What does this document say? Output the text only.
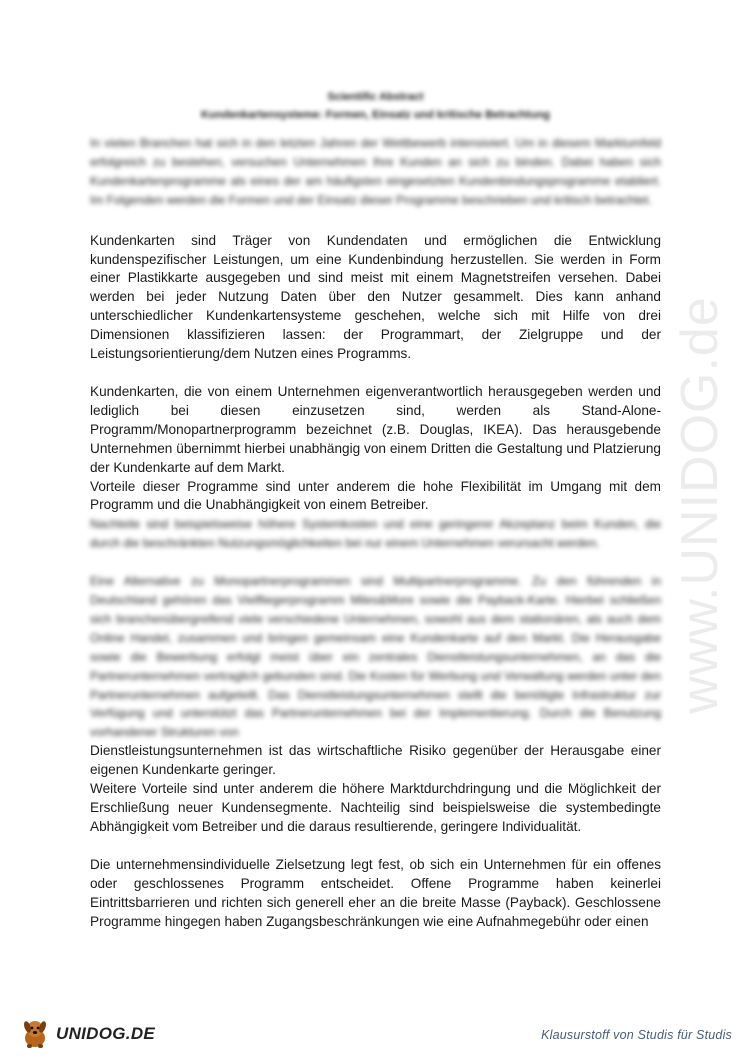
www.UNIDOG.de
Scientific Abstract
Kundenkartensysteme: Formen, Einsatz und kritische Betrachtung

In vielen Branchen hat sich in den letzten Jahren der Wettbewerb intensiviert. Um in diesem Marktumfeld erfolgreich zu bestehen, versuchen Unternehmen Ihre Kunden an sich zu binden. Dabei haben sich Kundenkartenprogramme als eines der am häufigsten eingesetzten Kundenbindungsprogramme etabliert. Im Folgenden werden die Formen und der Einsatz dieser Programme beschrieben und kritisch betrachtet.

Kundenkarten sind Träger von Kundendaten und ermöglichen die Entwicklung kundenspezifischer Leistungen, um eine Kundenbindung herzustellen. Sie werden in Form einer Plastikkarte ausgegeben und sind meist mit einem Magnetstreifen versehen. Dabei werden bei jeder Nutzung Daten über den Nutzer gesammelt. Dies kann anhand unterschiedlicher Kundenkartensysteme geschehen, welche sich mit Hilfe von drei Dimensionen klassifizieren lassen: der Programmart, der Zielgruppe und der Leistungsorientierung/dem Nutzen eines Programms.

Kundenkarten, die von einem Unternehmen eigenverantwortlich herausgegeben werden und lediglich bei diesen einzusetzen sind, werden als Stand-Alone-Programm/Monopartnerprogramm bezeichnet (z.B. Douglas, IKEA). Das herausgebende Unternehmen übernimmt hierbei unabhängig von einem Dritten die Gestaltung und Platzierung der Kundenkarte auf dem Markt.

Vorteile dieser Programme sind unter anderem die hohe Flexibilität im Umgang mit dem Programm und die Unabhängigkeit von einem Betreiber.

Nachteile sind beispielsweise höhere Systemkosten und eine geringerer Akzeptanz beim Kunden, die durch die beschränkten Nutzungsmöglichkeiten bei nur einem Unternehmen verursacht werden.

Eine Alternative zu Monopartnerprogrammen sind Multipartnerprogramme. Zu den führenden in Deutschland gehören das Vielfliegerprogramm Miles&More sowie die Payback-Karte. Hierbei schließen sich branchenübergreifend viele verschiedene Unternehmen, sowohl aus dem stationären, als auch dem Online Handel, zusammen und bringen gemeinsam eine Kundenkarte auf den Markt. Die Herausgabe sowie die Bewerbung erfolgt meist über ein zentrales Dienstleistungsunternehmen, an das die Partnerunternehmen vertraglich gebunden sind. Die Kosten für Werbung und Verwaltung werden unter den Partnerunternehmen aufgeteilt. Das Dienstleistungsunternehmen stellt die benötigte Infrastruktur zur Verfügung und unterstützt das Partnerunternehmen bei der Implementierung. Durch die Benutzung vorhandener Strukturen von

Dienstleistungsunternehmen ist das wirtschaftliche Risiko gegenüber der Herausgabe einer eigenen Kundenkarte geringer.

Weitere Vorteile sind unter anderem die höhere Marktdurchdringung und die Möglichkeit der Erschließung neuer Kundensegmente. Nachteilig sind beispielsweise die systembedingte Abhängigkeit vom Betreiber und die daraus resultierende, geringere Individualität.

Die unternehmensindividuelle Zielsetzung legt fest, ob sich ein Unternehmen für ein offenes oder geschlossenes Programm entscheidet. Offene Programme haben keinerlei Eintrittsbarrieren und richten sich generell eher an die breite Masse (Payback). Geschlossene Programme hingegen haben Zugangsbeschränkungen wie eine Aufnahmegebühr oder einen

UNIDOG.DE	Klausurstoff von Studis für Studis
